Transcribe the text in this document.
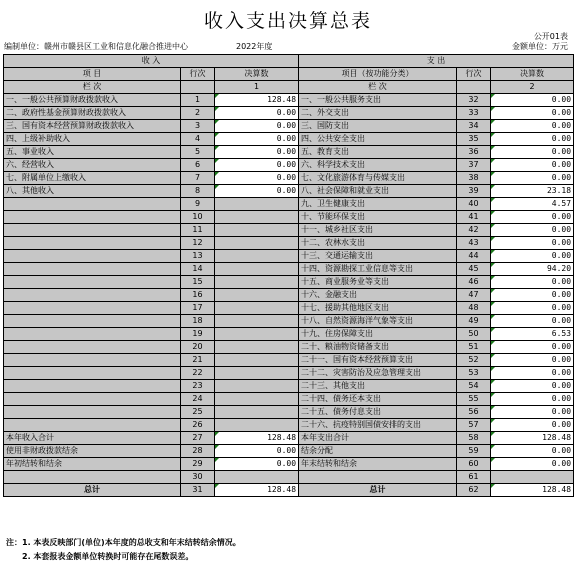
收入支出决算总表
公开01表
编制单位：赣州市赣县区工业和信息化融合推进中心	2022年度	金额单位：万元
收 入			支 出		
项 目	行次	决算数	项目（按功能分类）	行次	决算数
栏 次		1	栏 次		2
一、一般公共预算财政拨款收入	1	128.48	一、一般公共服务支出	32	0.00
二、政府性基金预算财政拨款收入	2	0.00	二、外交支出	33	0.00
三、国有资本经营预算财政拨款收入	3	0.00	三、国防支出	34	0.00
四、上级补助收入	4	0.00	四、公共安全支出	35	0.00
五、事业收入	5	0.00	五、教育支出	36	0.00
六、经营收入	6	0.00	六、科学技术支出	37	0.00
七、附属单位上缴收入	7	0.00	七、文化旅游体育与传媒支出	38	0.00
八、其他收入	8	0.00	八、社会保障和就业支出	39	23.18
	9		九、卫生健康支出	40	4.57
	10		十、节能环保支出	41	0.00
	11		十一、城乡社区支出	42	0.00
	12		十二、农林水支出	43	0.00
	13		十三、交通运输支出	44	0.00
	14		十四、资源勘探工业信息等支出	45	94.20
	15		十五、商业服务业等支出	46	0.00
	16		十六、金融支出	47	0.00
	17		十七、援助其他地区支出	48	0.00
	18		十八、自然资源海洋气象等支出	49	0.00
	19		十九、住房保障支出	50	6.53
	20		二十、粮油物资储备支出	51	0.00
	21		二十一、国有资本经营预算支出	52	0.00
	22		二十二、灾害防治及应急管理支出	53	0.00
	23		二十三、其他支出	54	0.00
	24		二十四、债务还本支出	55	0.00
	25		二十五、债务付息支出	56	0.00
	26		二十六、抗疫特别国债安排的支出	57	0.00
本年收入合计	27	128.48	本年支出合计	58	128.48
使用非财政拨款结余	28	0.00	结余分配	59	0.00
年初结转和结余	29	0.00	年末结转和结余	60	0.00
	30			61	
总计	31	128.48	总计	62	128.48
注：1. 本表反映部门(单位)本年度的总收支和年末结转结余情况。
2. 本套报表金额单位转换时可能存在尾数误差。
